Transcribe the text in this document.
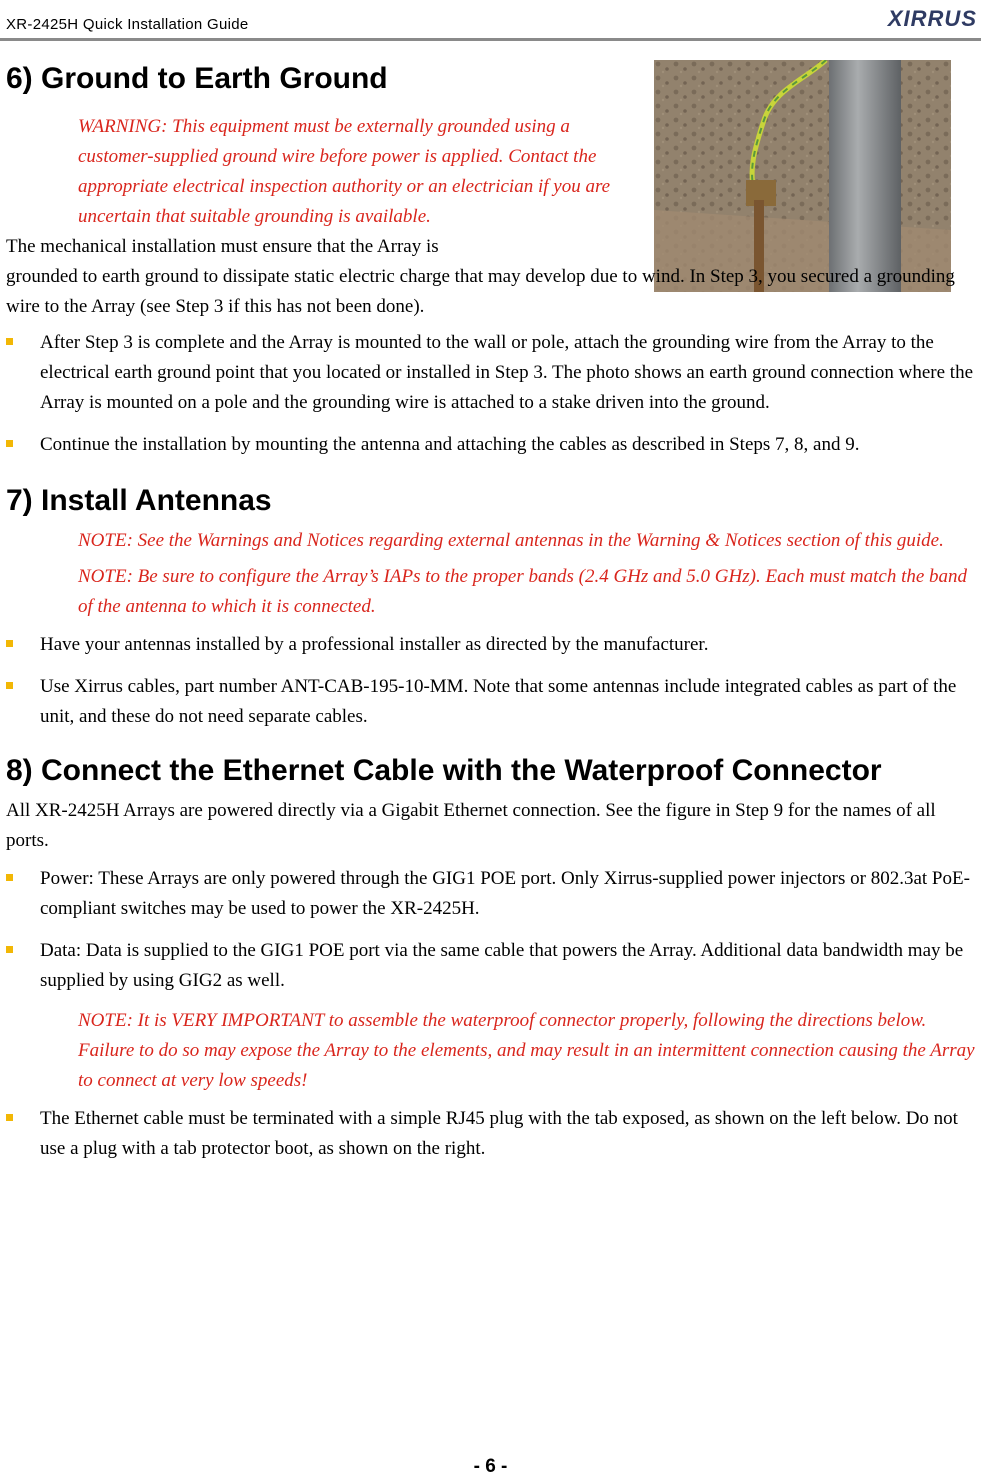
XR-2425H Quick Installation Guide	XIRRUS
6) Ground to Earth Ground
WARNING: This equipment must be externally grounded using a customer-supplied ground wire before power is applied. Contact the appropriate electrical inspection authority or an electrician if you are uncertain that suitable grounding is available.

The mechanical installation must ensure that the Array is

grounded to earth ground to dissipate static electric charge that may develop due to wind. In Step 3, you secured a grounding wire to the Array (see Step 3 if this has not been done).

After Step 3 is complete and the Array is mounted to the wall or pole, attach the grounding wire from the Array to the electrical earth ground point that you located or installed in Step 3. The photo shows an earth ground connection where the Array is mounted on a pole and the grounding wire is attached to a stake driven into the ground.
Continue the installation by mounting the antenna and attaching the cables as described in Steps 7, 8, and 9.
7) Install Antennas
NOTE: See the Warnings and Notices regarding external antennas in the Warning & Notices section of this guide.
NOTE: Be sure to configure the Array’s IAPs to the proper bands (2.4 GHz and 5.0 GHz). Each must match the band of the antenna to which it is connected.
Have your antennas installed by a professional installer as directed by the manufacturer.
Use Xirrus cables, part number ANT-CAB-195-10-MM. Note that some antennas include integrated cables as part of the unit, and these do not need separate cables.
8) Connect the Ethernet Cable with the Waterproof Connector

All XR-2425H Arrays are powered directly via a Gigabit Ethernet connection. See the figure in Step 9 for the names of all ports.

Power: These Arrays are only powered through the GIG1 POE port. Only Xirrus-supplied power injectors or 802.3at PoE-compliant switches may be used to power the XR-2425H.
Data: Data is supplied to the GIG1 POE port via the same cable that powers the Array. Additional data bandwidth may be supplied by using GIG2 as well.
NOTE: It is VERY IMPORTANT to assemble the waterproof connector properly, following the directions below. Failure to do so may expose the Array to the elements, and may result in an intermittent connection causing the Array to connect at very low speeds!
The Ethernet cable must be terminated with a simple RJ45 plug with the tab exposed, as shown on the left below. Do not use a plug with a tab protector boot, as shown on the right.
- 6 -
